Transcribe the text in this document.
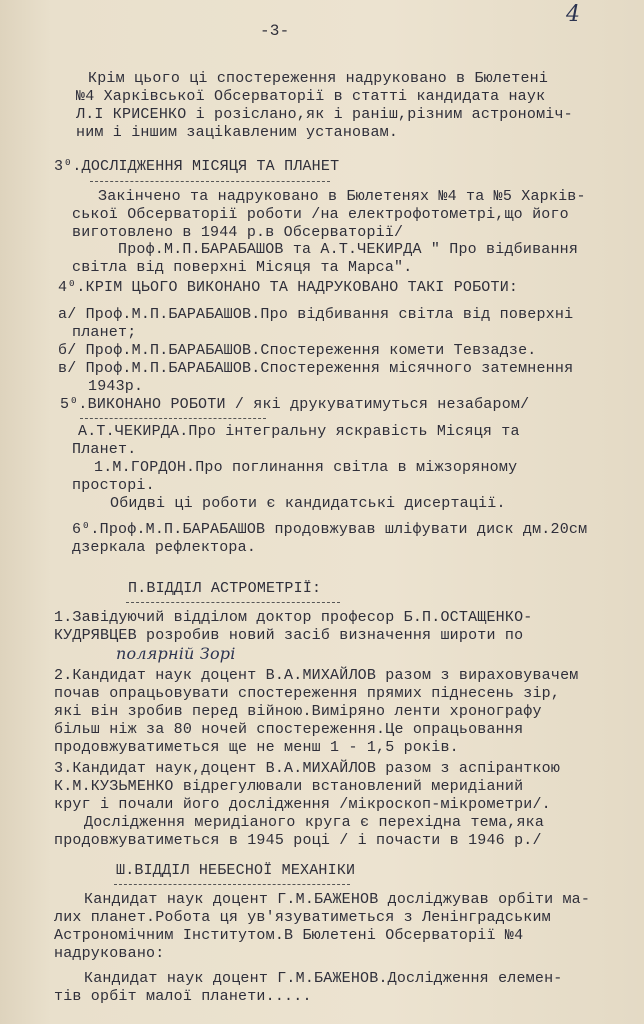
-3-
4
Крім цього ці спостереження надруковано в Бюлетені
№4 Харківської Обсерваторії в статті кандидата наук
Л.І КРИСЕНКО і розіслано,як і раніш,різним астрономіч-
ним і іншим заціkавленим установам.
3⁰.ДОСЛІДЖЕННЯ МІСЯЦЯ ТА ПЛАНЕТ
Закінчено та надруковано в Бюлетенях №4 та №5 Харків-
ської Обсерваторії роботи /на електрофотометрі,що його
виготовлено в 1944 р.в Обсерваторії/
Проф.М.П.БАРАБАШОВ та А.Т.ЧЕКИРДА " Про відбивання
світла від поверхні Місяця та Марса".
4⁰.КРІМ ЦЬОГО ВИКОНАНО ТА НАДРУКОВАНО ТАКІ РОБОТИ:
а/ Проф.М.П.БАРАБАШОВ.Про відбивання світла від поверхні
планет;
б/ Проф.М.П.БАРАБАШОВ.Спостереження комети Тевзадзе.
в/ Проф.М.П.БАРАБАШОВ.Спостереження місячного затемнення
1943р.
5⁰.ВИКОНАНО РОБОТИ / які друкуватимуться незабаром/
А.Т.ЧЕКИРДА.Про інтегральну яскравість Місяця та
Планет.
1.М.ГОРДОН.Про поглинання світла в міжзоряному
просторі.
Обидві ці роботи є кандидатські дисертації.
6⁰.Проф.М.П.БАРАБАШОВ продовжував шліфувати диск дм.20см
дзеркала рефлектора.
П.ВІДДІЛ АСТРОМЕТРІЇ:
1.Завідуючий відділом доктор професор Б.П.ОСТАЩЕНКО-
КУДРЯВЦЕВ розробив новий засіб визначення широти по
полярній Зорі
2.Кандидат наук доцент В.А.МИХАЙЛОВ разом з вираховувачем
почав опрацьовувати спостереження прямих піднесень зір,
які він зробив перед війною.Виміряно ленти хронографу
більш ніж за 80 ночей спостереження.Це опрацьовання
продовжуватиметься ще не менш 1 - 1,5 років.
3.Кандидат наук,доцент В.А.МИХАЙЛОВ разом з аспіранткою
К.М.КУЗЬМЕНКО відрегулювали встановлений меридіаний
круг і почали його дослідження /мікроскоп-мікрометри/.
Дослідження меридіаного круга є перехідна тема,яка
продовжуватиметься в 1945 році / і почасти в 1946 р./
Ш.ВІДДІЛ НЕБЕСНОЇ МЕХАНІКИ
Кандидат наук доцент Г.М.БАЖЕНОВ досліджував орбіти ма-
лих планет.Робота ця ув'язуватиметься з Ленінградським
Астрономічним Інститутом.В Бюлетені Обсерваторії №4
надруковано:
Кандидат наук доцент Г.М.БАЖЕНОВ.Дослідження елемен-
тів орбіт малої планети.....
